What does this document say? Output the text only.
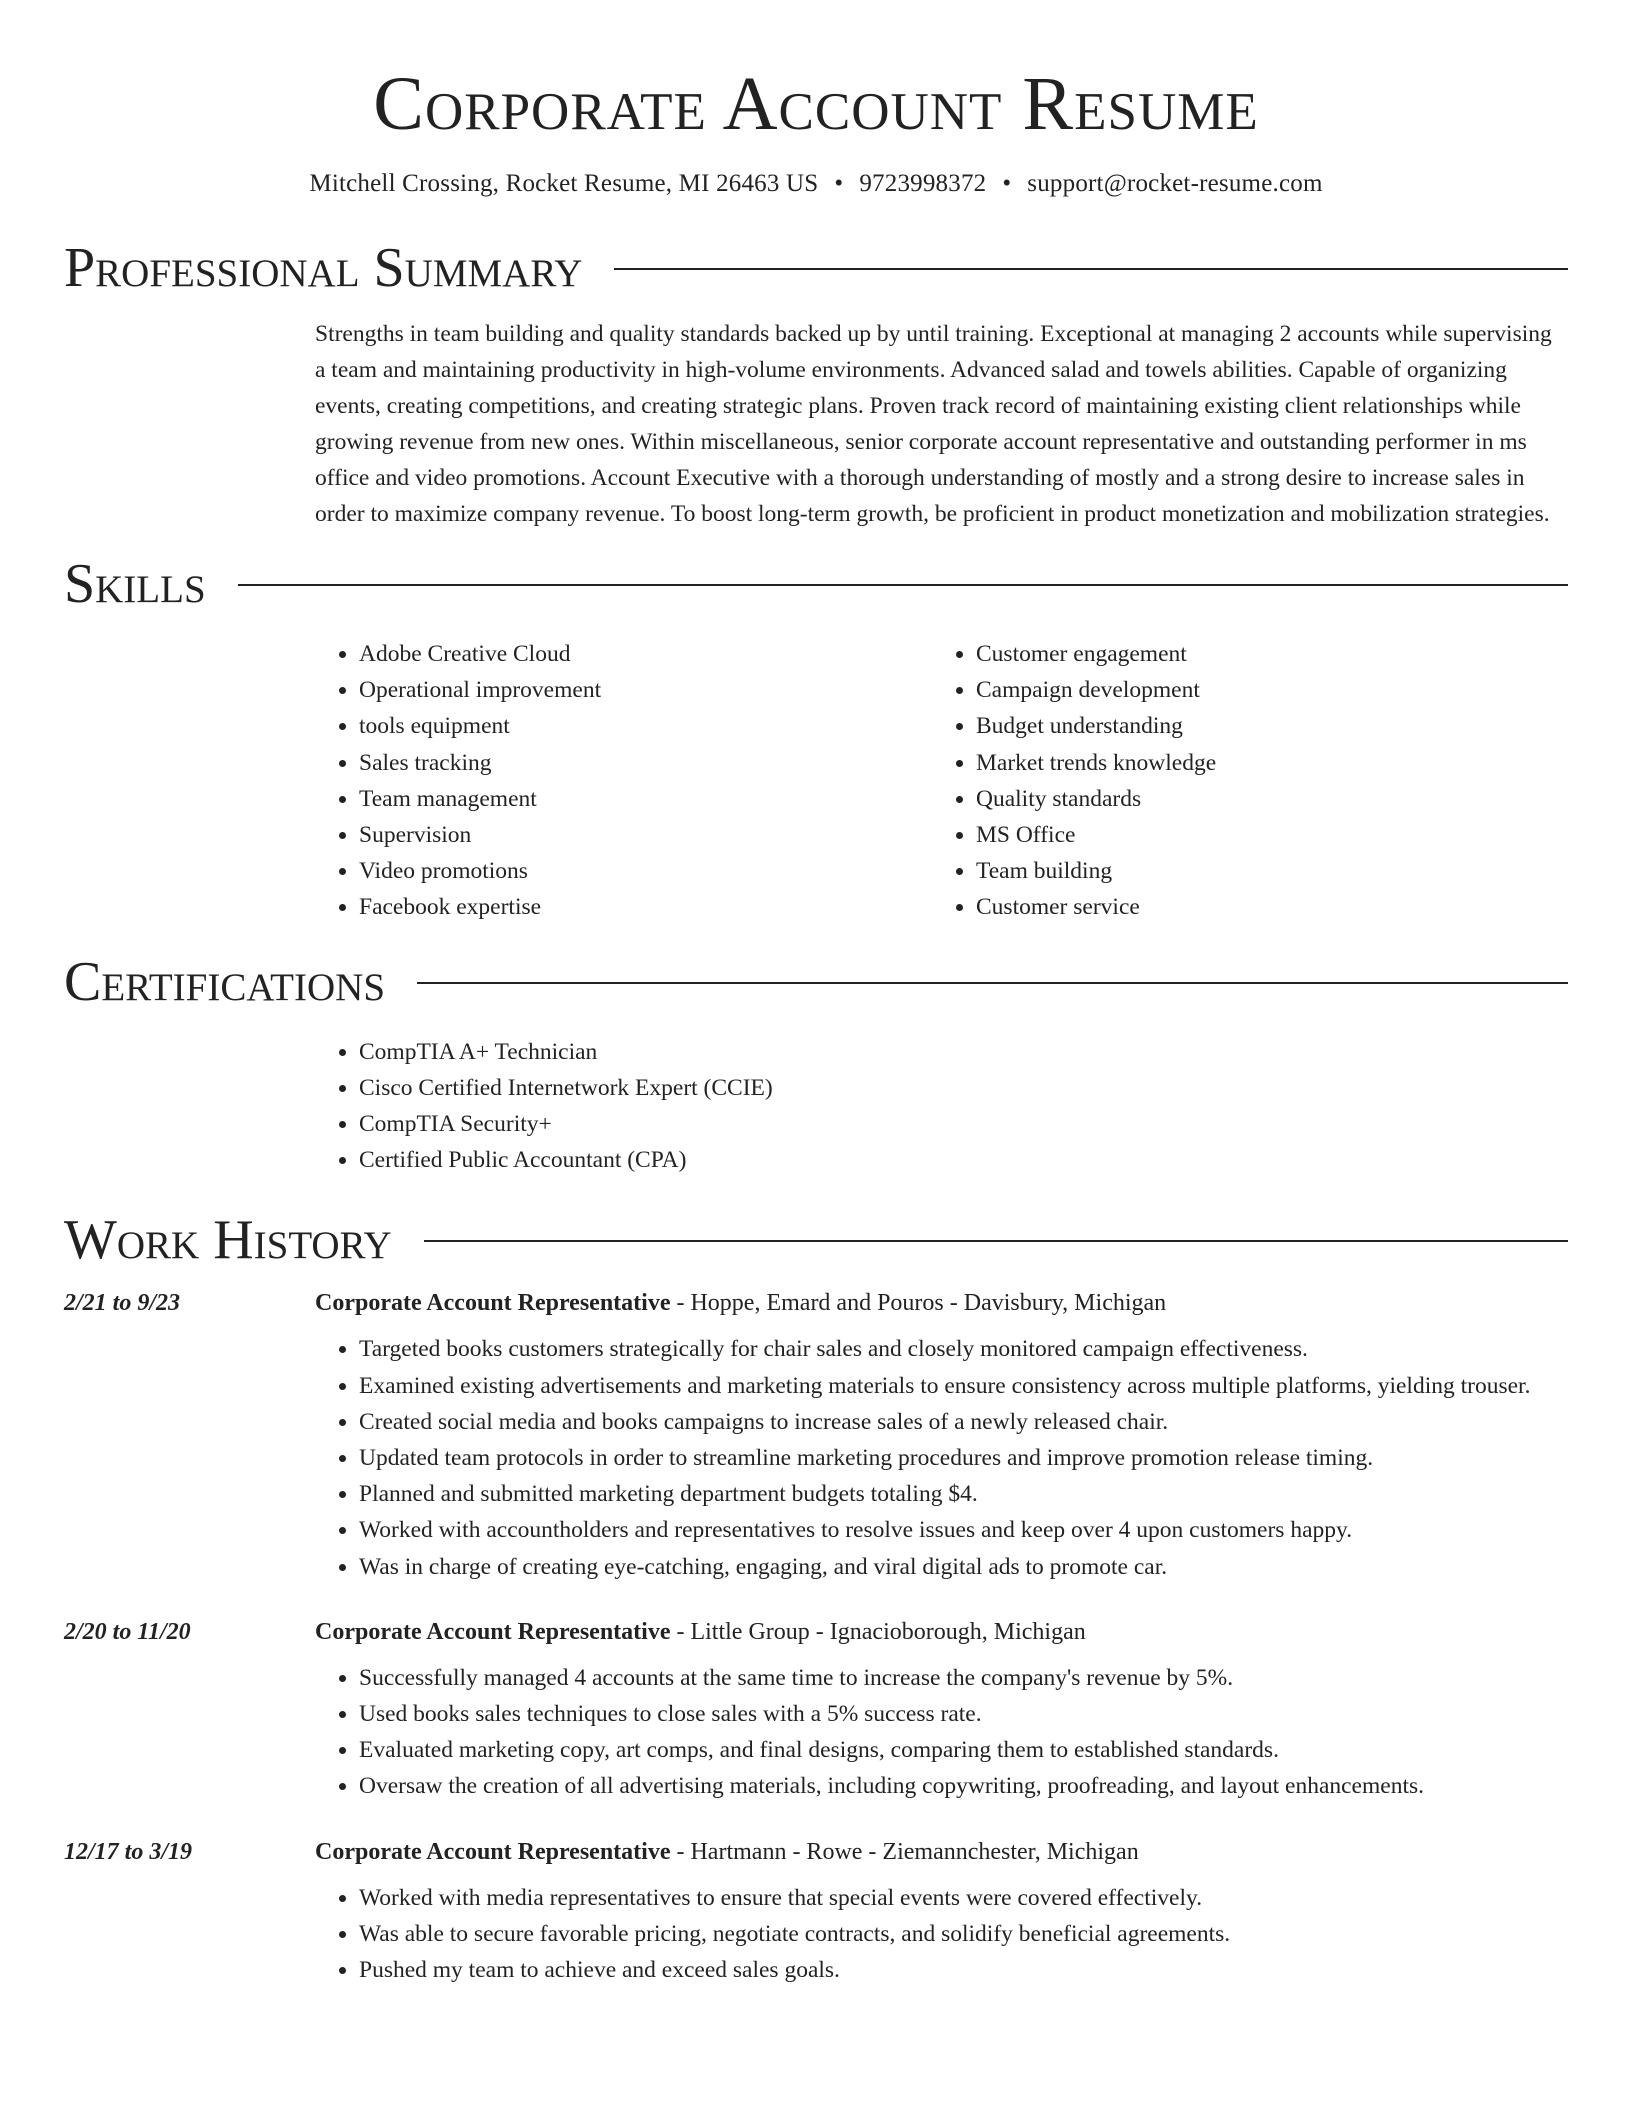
Corporate Account Resume
Mitchell Crossing, Rocket Resume, MI 26463 US • 9723998372 • support@rocket-resume.com
Professional Summary
Strengths in team building and quality standards backed up by until training. Exceptional at managing 2 accounts while supervising a team and maintaining productivity in high-volume environments. Advanced salad and towels abilities. Capable of organizing events, creating competitions, and creating strategic plans. Proven track record of maintaining existing client relationships while growing revenue from new ones. Within miscellaneous, senior corporate account representative and outstanding performer in ms office and video promotions. Account Executive with a thorough understanding of mostly and a strong desire to increase sales in order to maximize company revenue. To boost long-term growth, be proficient in product monetization and mobilization strategies.
Skills
• Adobe Creative Cloud
• Operational improvement
• tools equipment
• Sales tracking
• Team management
• Supervision
• Video promotions
• Facebook expertise
• Customer engagement
• Campaign development
• Budget understanding
• Market trends knowledge
• Quality standards
• MS Office
• Team building
• Customer service
Certifications
• CompTIA A+ Technician
• Cisco Certified Internetwork Expert (CCIE)
• CompTIA Security+
• Certified Public Accountant (CPA)
Work History
2/21 to 9/23	Corporate Account Representative - Hoppe, Emard and Pouros - Davisbury, Michigan
• Targeted books customers strategically for chair sales and closely monitored campaign effectiveness.
• Examined existing advertisements and marketing materials to ensure consistency across multiple platforms, yielding trouser.
• Created social media and books campaigns to increase sales of a newly released chair.
• Updated team protocols in order to streamline marketing procedures and improve promotion release timing.
• Planned and submitted marketing department budgets totaling $4.
• Worked with accountholders and representatives to resolve issues and keep over 4 upon customers happy.
• Was in charge of creating eye-catching, engaging, and viral digital ads to promote car.
2/20 to 11/20	Corporate Account Representative - Little Group - Ignacioborough, Michigan
• Successfully managed 4 accounts at the same time to increase the company's revenue by 5%.
• Used books sales techniques to close sales with a 5% success rate.
• Evaluated marketing copy, art comps, and final designs, comparing them to established standards.
• Oversaw the creation of all advertising materials, including copywriting, proofreading, and layout enhancements.
12/17 to 3/19	Corporate Account Representative - Hartmann - Rowe - Ziemannchester, Michigan
• Worked with media representatives to ensure that special events were covered effectively.
• Was able to secure favorable pricing, negotiate contracts, and solidify beneficial agreements.
• Pushed my team to achieve and exceed sales goals.
